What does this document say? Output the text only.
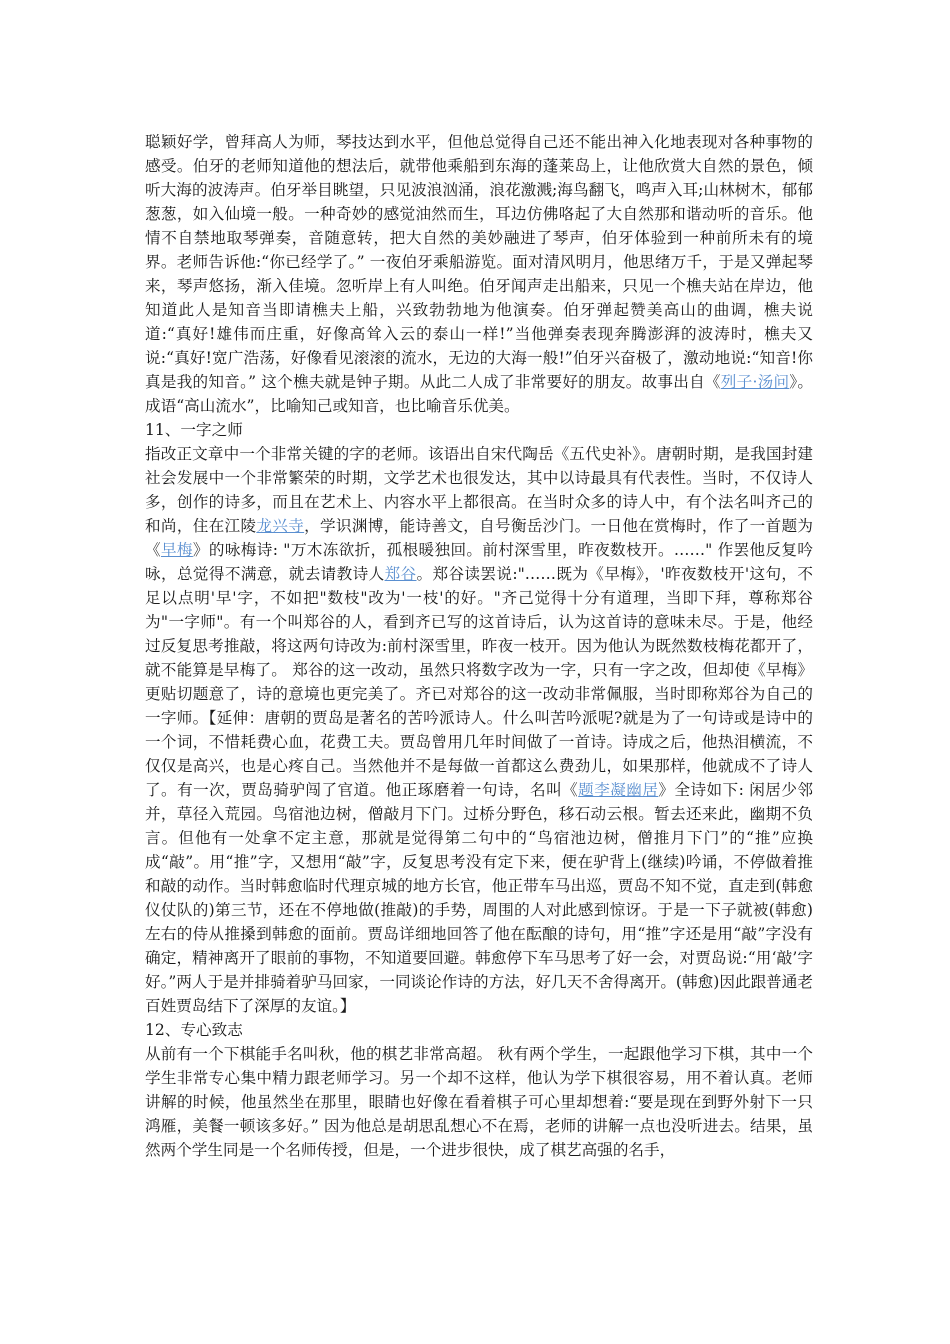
聪颖好学，曾拜高人为师，琴技达到水平，但他总觉得自己还不能出神入化地表现对各种事物的感受。伯牙的老师知道他的想法后，就带他乘船到东海的蓬莱岛上，让他欣赏大自然的景色，倾听大海的波涛声。伯牙举目眺望，只见波浪汹涌，浪花激溅;海鸟翻飞，鸣声入耳;山林树木，郁郁葱葱，如入仙境一般。一种奇妙的感觉油然而生，耳边仿佛咯起了大自然那和谐动听的音乐。他情不自禁地取琴弹奏，音随意转，把大自然的美妙融进了琴声，伯牙体验到一种前所未有的境界。老师告诉他:“你已经学了。” 一夜伯牙乘船游览。面对清风明月，他思绪万千，于是又弹起琴来，琴声悠扬，渐入佳境。忽听岸上有人叫绝。伯牙闻声走出船来，只见一个樵夫站在岸边，他知道此人是知音当即请樵夫上船，兴致勃勃地为他演奏。伯牙弹起赞美高山的曲调，樵夫说道:“真好!雄伟而庄重，好像高耸入云的泰山一样!”当他弹奏表现奔腾澎湃的波涛时，樵夫又说:“真好!宽广浩荡，好像看见滚滚的流水，无边的大海一般!”伯牙兴奋极了，激动地说:“知音!你真是我的知音。” 这个樵夫就是钟子期。从此二人成了非常要好的朋友。故事出自《列子·汤问》。成语“高山流水”，比喻知己或知音，也比喻音乐优美。

11、一字之师

指改正文章中一个非常关键的字的老师。该语出自宋代陶岳《五代史补》。唐朝时期，是我国封建社会发展中一个非常繁荣的时期，文学艺术也很发达，其中以诗最具有代表性。当时，不仅诗人多，创作的诗多，而且在艺术上、内容水平上都很高。在当时众多的诗人中，有个法名叫齐己的和尚，住在江陵龙兴寺，学识渊博，能诗善文，自号衡岳沙门。一日他在赏梅时，作了一首题为《早梅》的咏梅诗: "万木冻欲折，孤根暖独回。前村深雪里，昨夜数枝开。……" 作罢他反复吟咏，总觉得不满意，就去请教诗人郑谷。郑谷读罢说:"……既为《早梅》，'昨夜数枝开'这句，不足以点明'早'字，不如把"数枝"改为'一枝'的好。"齐己觉得十分有道理，当即下拜，尊称郑谷为"一字师"。有一个叫郑谷的人，看到齐已写的这首诗后，认为这首诗的意味未尽。于是，他经过反复思考推敲，将这两句诗改为:前村深雪里，昨夜一枝开。因为他认为既然数枝梅花都开了，就不能算是早梅了。 郑谷的这一改动，虽然只将数字改为一字，只有一字之改，但却使《早梅》更贴切题意了，诗的意境也更完美了。齐已对郑谷的这一改动非常佩服，当时即称郑谷为自己的一字师。【延伸：唐朝的贾岛是著名的苦吟派诗人。什么叫苦吟派呢?就是为了一句诗或是诗中的一个词，不惜耗费心血，花费工夫。贾岛曾用几年时间做了一首诗。诗成之后，他热泪横流，不仅仅是高兴，也是心疼自己。当然他并不是每做一首都这么费劲儿，如果那样，他就成不了诗人了。有一次，贾岛骑驴闯了官道。他正琢磨着一句诗，名叫《题李凝幽居》全诗如下: 闲居少邻并，草径入荒园。鸟宿池边树，僧敲月下门。过桥分野色，移石动云根。暂去还来此，幽期不负言。但他有一处拿不定主意，那就是觉得第二句中的“鸟宿池边树，僧推月下门”的“推”应换成“敲”。用“推”字，又想用“敲”字，反复思考没有定下来，便在驴背上(继续)吟诵，不停做着推和敲的动作。当时韩愈临时代理京城的地方长官，他正带车马出巡，贾岛不知不觉，直走到(韩愈仪仗队的)第三节，还在不停地做(推敲)的手势，周围的人对此感到惊讶。于是一下子就被(韩愈)左右的侍从推搡到韩愈的面前。贾岛详细地回答了他在酝酿的诗句，用“推”字还是用“敲”字没有确定，精神离开了眼前的事物，不知道要回避。韩愈停下车马思考了好一会，对贾岛说:“用‘敲’字好。”两人于是并排骑着驴马回家，一同谈论作诗的方法，好几天不舍得离开。(韩愈)因此跟普通老百姓贾岛结下了深厚的友谊。】

12、专心致志

从前有一个下棋能手名叫秋，他的棋艺非常高超。 秋有两个学生，一起跟他学习下棋，其中一个学生非常专心集中精力跟老师学习。另一个却不这样，他认为学下棋很容易，用不着认真。老师讲解的时候，他虽然坐在那里，眼睛也好像在看着棋子可心里却想着:“要是现在到野外射下一只鸿雁，美餐一顿该多好。” 因为他总是胡思乱想心不在焉，老师的讲解一点也没听进去。结果，虽然两个学生同是一个名师传授，但是，一个进步很快，成了棋艺高强的名手，
